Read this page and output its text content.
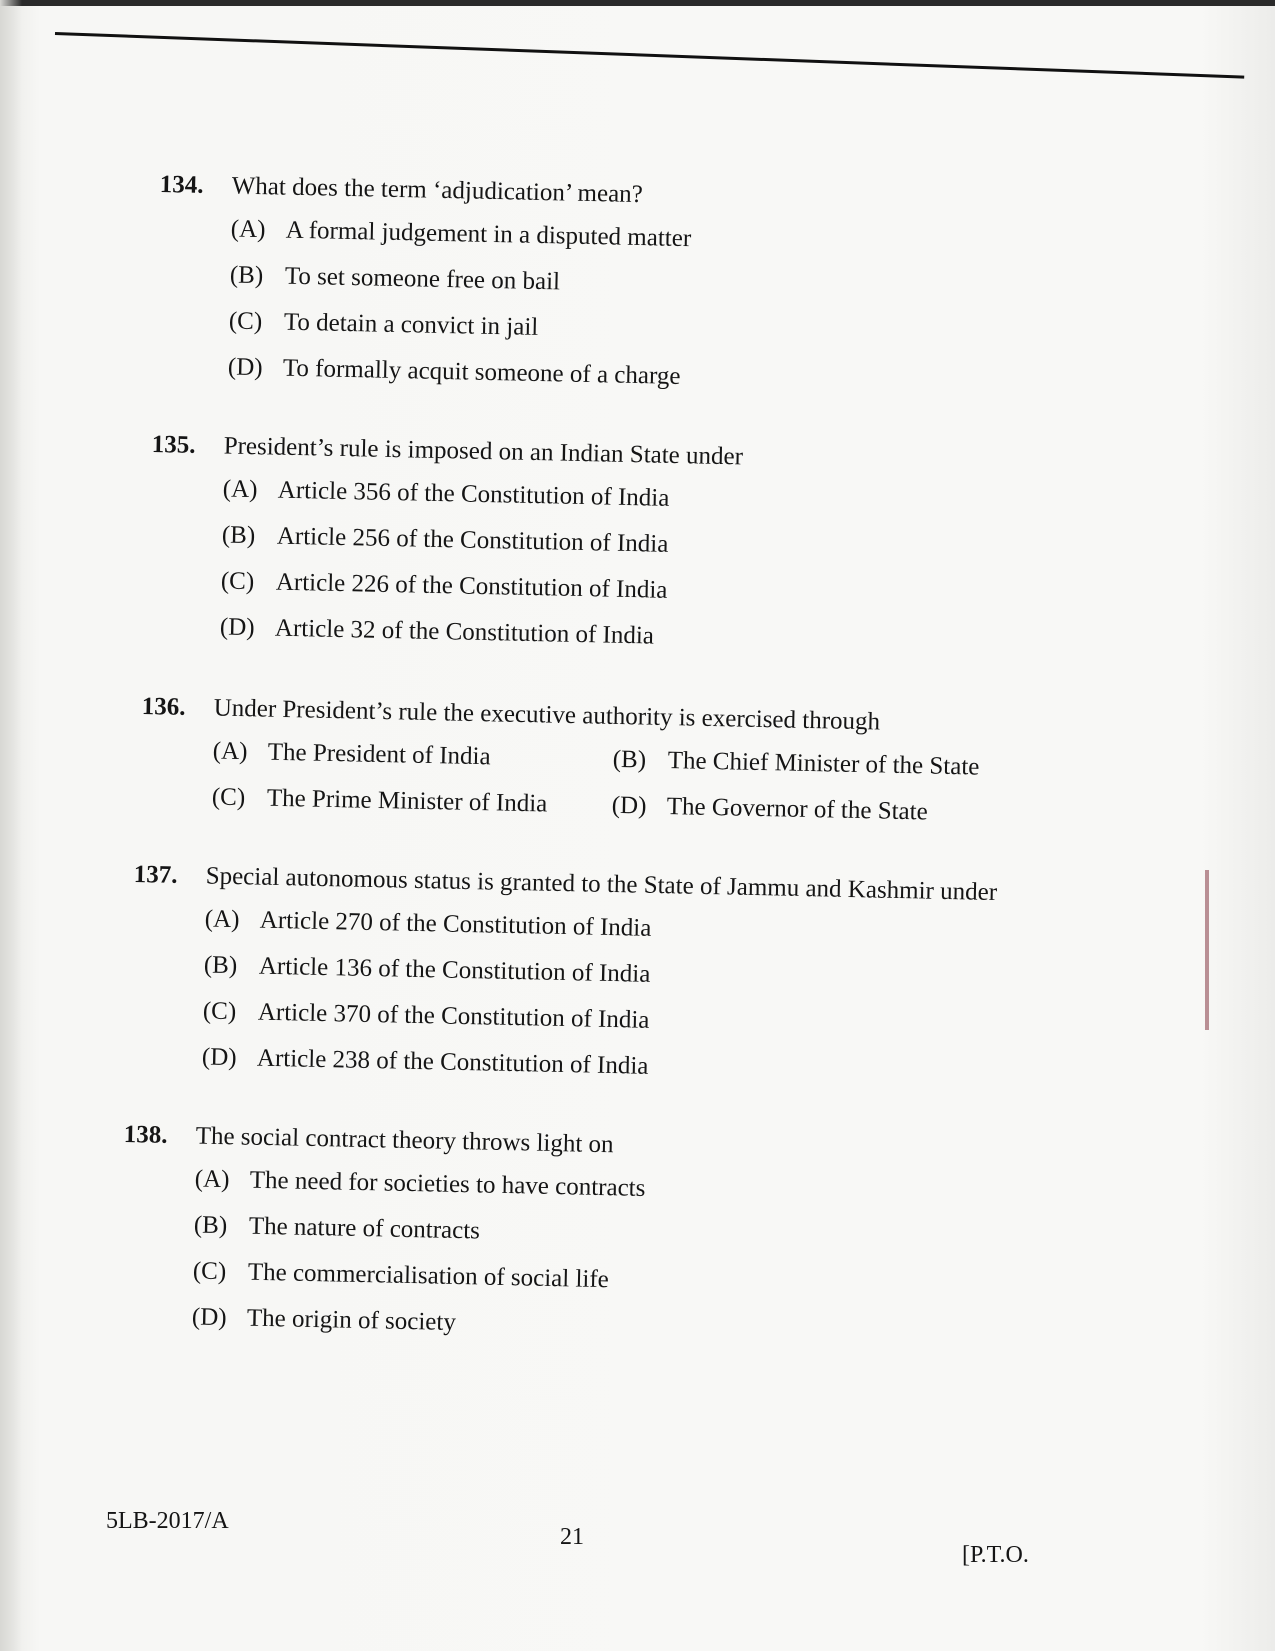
134.	What does the term ‘adjudication’ mean?
(A) A formal judgement in a disputed matter
(B) To set someone free on bail
(C) To detain a convict in jail
(D) To formally acquit someone of a charge
135.	President’s rule is imposed on an Indian State under
(A) Article 356 of the Constitution of India
(B) Article 256 of the Constitution of India
(C) Article 226 of the Constitution of India
(D) Article 32 of the Constitution of India
136.	Under President’s rule the executive authority is exercised through
(A) The President of India	(B) The Chief Minister of the State
(C) The Prime Minister of India	(D) The Governor of the State
137.	Special autonomous status is granted to the State of Jammu and Kashmir under
(A) Article 270 of the Constitution of India
(B) Article 136 of the Constitution of India
(C) Article 370 of the Constitution of India
(D) Article 238 of the Constitution of India
138.	The social contract theory throws light on
(A) The need for societies to have contracts
(B) The nature of contracts
(C) The commercialisation of social life
(D) The origin of society
5LB-2017/A
21
[P.T.O.
